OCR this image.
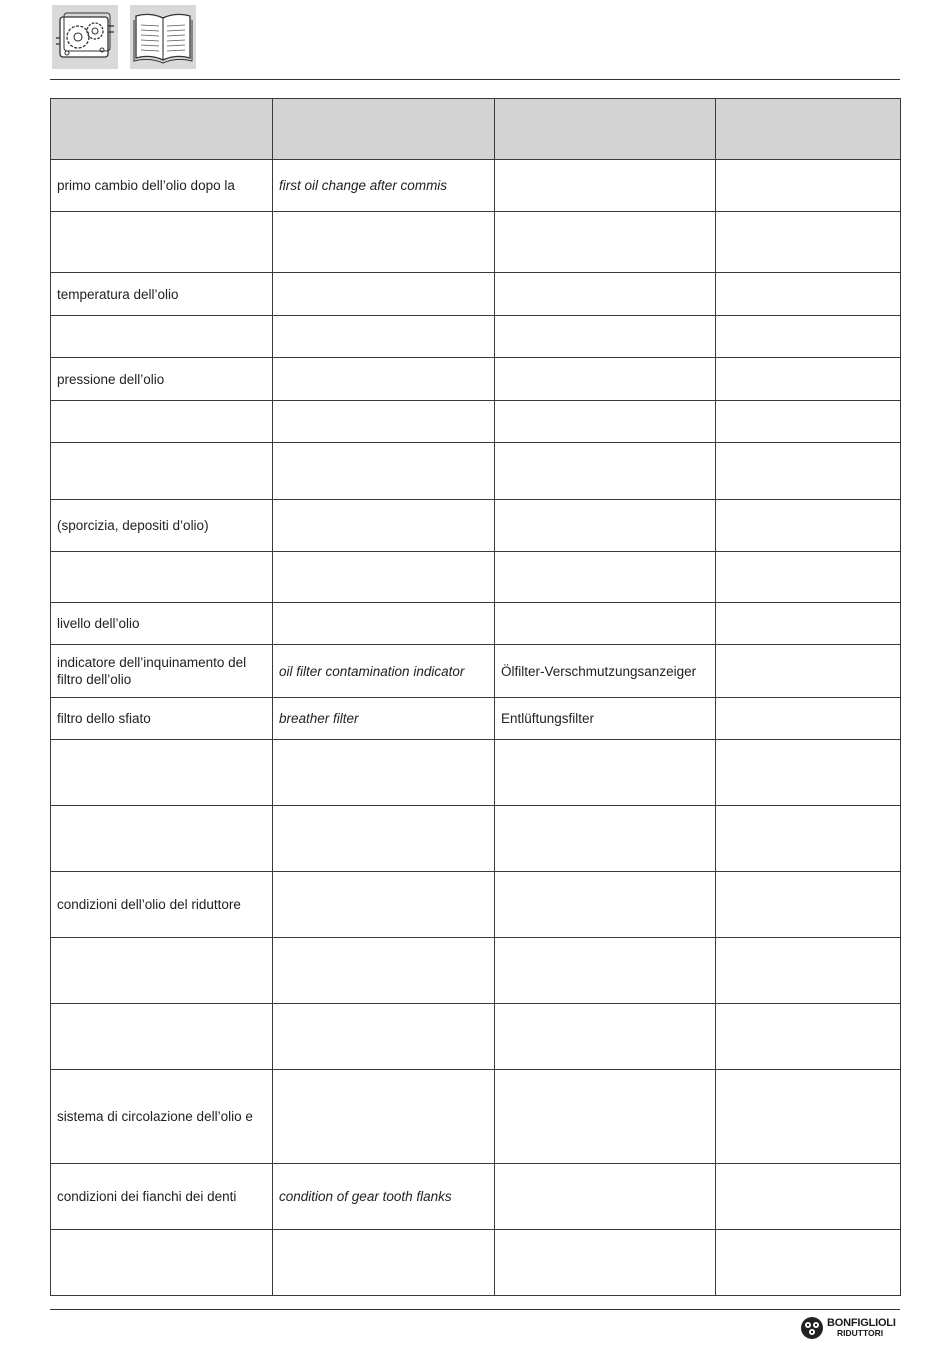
primo cambio dell’olio dopo la	first oil change after commis		

temperatura dell’olio			

pressione dell’olio			

(sporcizia, depositi d’olio)			

livello dell’olio			
indicatore dell’inquinamento del filtro dell’olio	oil filter contamination indicator	Ölfilter-Verschmutzungsanzeiger	
filtro dello sfiato	breather filter	Entlüftungsfilter	

condizioni dell’olio del riduttore			

sistema di circolazione dell’olio e			
condizioni dei fianchi dei denti	condition of gear tooth flanks		

BONFIGLIOLI
RIDUTTORI
